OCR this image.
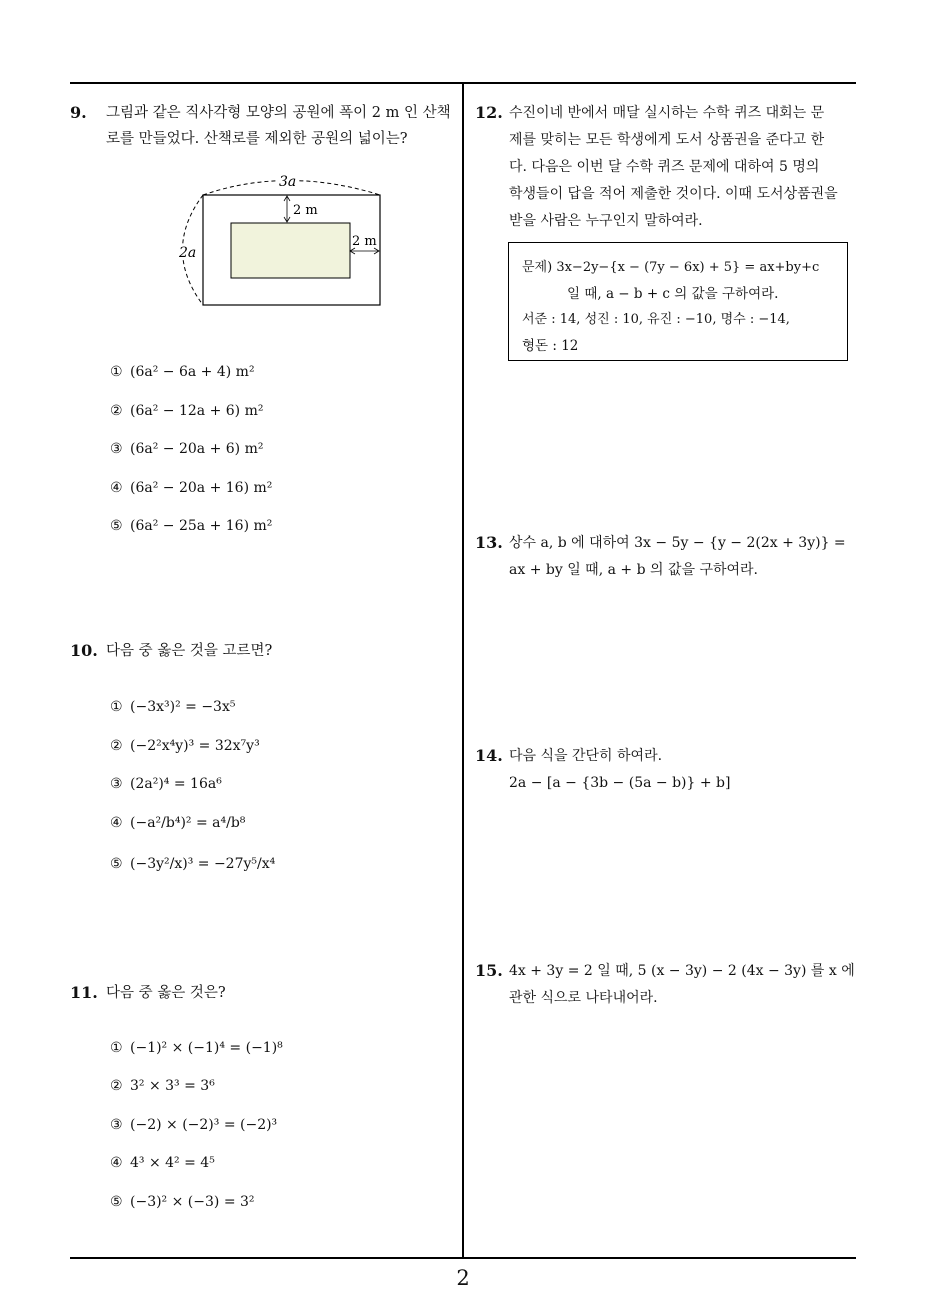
9. 그림과 같은 직사각형 모양의 공원에 폭이 2 m 인 산책
로를 만들었다. 산책로를 제외한 공원의 넓이는?
3a
2a
2 m
2 m
① (6a² − 6a + 4) m²
② (6a² − 12a + 6) m²
③ (6a² − 20a + 6) m²
④ (6a² − 20a + 16) m²
⑤ (6a² − 25a + 16) m²
10. 다음 중 옳은 것을 고르면?
① (−3x³)² = −3x⁵
② (−2²x⁴y)³ = 32x⁷y³
③ (2a²)⁴ = 16a⁶
④ (−a²/b⁴)² = a⁴/b⁸
⑤ (−3y²/x)³ = −27y⁵/x⁴
11. 다음 중 옳은 것은?
① (−1)² × (−1)⁴ = (−1)⁸
② 3² × 3³ = 3⁶
③ (−2) × (−2)³ = (−2)³
④ 4³ × 4² = 4⁵
⑤ (−3)² × (−3) = 3²
12. 수진이네 반에서 매달 실시하는 수학 퀴즈 대회는 문
제를 맞히는 모든 학생에게 도서 상품권을 준다고 한
다. 다음은 이번 달 수학 퀴즈 문제에 대하여 5 명의
학생들이 답을 적어 제출한 것이다. 이때 도서상품권을
받을 사람은 누구인지 말하여라.
문제) 3x−2y−{x − (7y − 6x) + 5} = ax+by+c
일 때, a − b + c 의 값을 구하여라.
서준 : 14, 성진 : 10, 유진 : −10, 명수 : −14,
형돈 : 12
13. 상수 a, b 에 대하여 3x − 5y − {y − 2(2x + 3y)} =
ax + by 일 때, a + b 의 값을 구하여라.
14. 다음 식을 간단히 하여라.
2a − [a − {3b − (5a − b)} + b]
15. 4x + 3y = 2 일 때, 5 (x − 3y) − 2 (4x − 3y) 를 x 에
관한 식으로 나타내어라.
2
